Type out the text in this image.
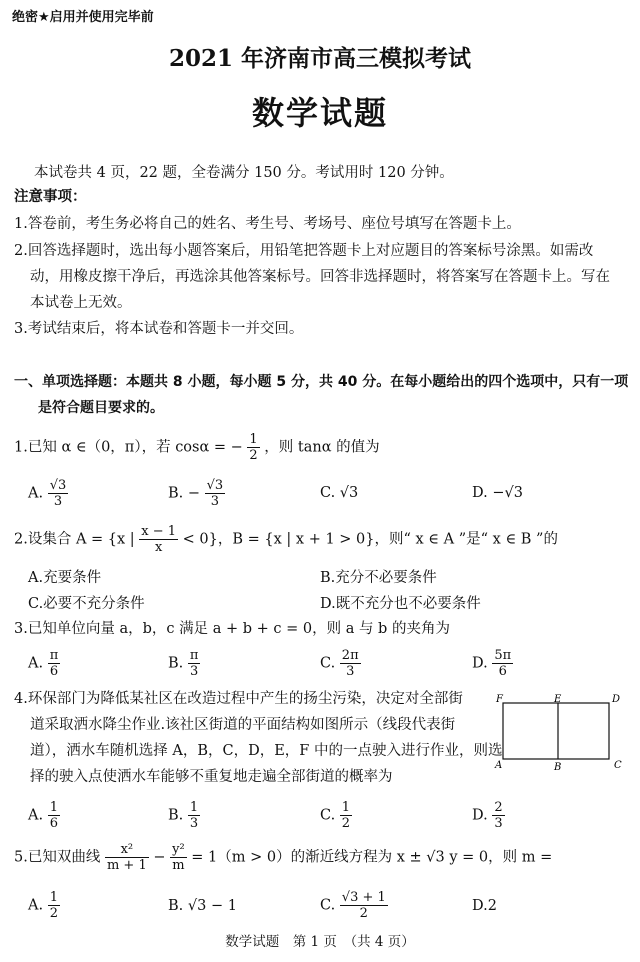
绝密★启用并使用完毕前
2021 年济南市高三模拟考试
数学试题
本试卷共 4 页，22 题，全卷满分 150 分。考试用时 120 分钟。
注意事项：
1.答卷前，考生务必将自己的姓名、考生号、考场号、座位号填写在答题卡上。
2.回答选择题时，选出每小题答案后，用铅笔把答题卡上对应题目的答案标号涂黑。如需改
动，用橡皮擦干净后，再选涂其他答案标号。回答非选择题时，将答案写在答题卡上。写在
本试卷上无效。
3.考试结束后，将本试卷和答题卡一并交回。
一、单项选择题：本题共 8 小题，每小题 5 分，共 40 分。在每小题给出的四个选项中，只有一项
是符合题目要求的。
1.已知 α ∈（0，π），若 cosα = − $\frac{1}{2}$ ，则 tanα 的值为
A. $\frac{√3}{3}$	B. − $\frac{√3}{3}$	C. √3	D. −√3
2.设集合 A = {x | $\frac{x - 1}{x} < 0$}，B = {x | x + 1 > 0}，则“ x ∈ A ”是“ x ∈ B ”的
A.充要条件	B.充分不必要条件
C.必要不充分条件	D.既不充分也不必要条件
3.已知单位向量 a，b，c 满足 a + b + c = 0，则 a 与 b 的夹角为
A. $\frac{\pi}{6}$	B. $\frac{\pi}{3}$	C. $\frac{2\pi}{3}$	D. $\frac{5\pi}{6}$
4.环保部门为降低某社区在改造过程中产生的扬尘污染，决定对全部街
道采取洒水降尘作业.该社区街道的平面结构如图所示（线段代表街
道），洒水车随机选择 A，B，C，D，E，F 中的一点驶入进行作业，则选
择的驶入点使洒水车能够不重复地走遍全部街道的概率为
F	E	D
A	B	C
A. $\frac{1}{6}$	B. $\frac{1}{3}$	C. $\frac{1}{2}$	D. $\frac{2}{3}$
5.已知双曲线 $\frac{\text{x²}}{m + 1} - \frac{\text{y²}}{m} = 1(m > 0)$的渐近线方程为 x ± √3 y = 0，则 m =
A. $\frac{1}{2}$	B. √3 − 1	C. $\frac{√3 + 1}{2}$	D.2
数学试题　第 1 页　（共 4 页）
